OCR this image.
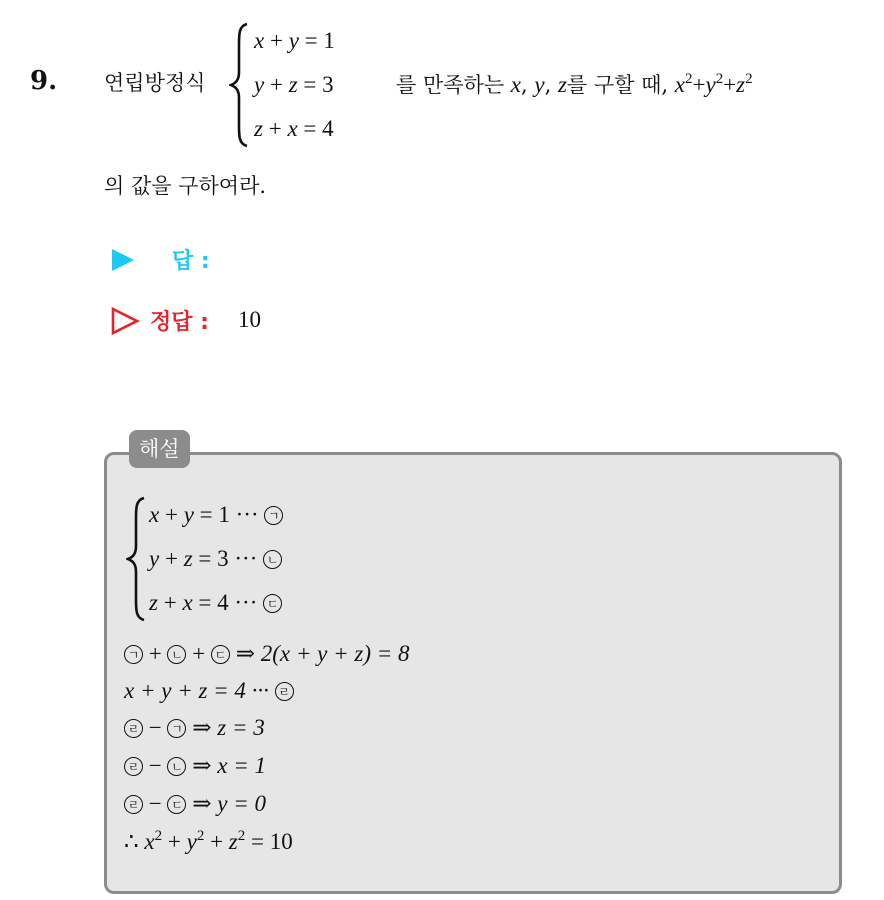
9. 연립방정식
x + y = 1
y + z = 3
z + x = 4
를 만족하는 x, y, z를 구할 때, $x^2+y^2+z^2$
의 값을 구하여라.
답 :
정답 : 10
해설
x + y = 1 ··· ㄱ
y + z = 3 ··· ㄴ
z + x = 4 ··· ㄷ
ㄱ + ㄴ + ㄷ ⇒ 2(x + y + z) = 8
x + y + z = 4 ··· ㄹ
ㄹ − ㄱ ⇒ z = 3
ㄹ − ㄴ ⇒ x = 1
ㄹ − ㄷ ⇒ y = 0
∴ $x^2 + y^2 + z^2 = 10$
